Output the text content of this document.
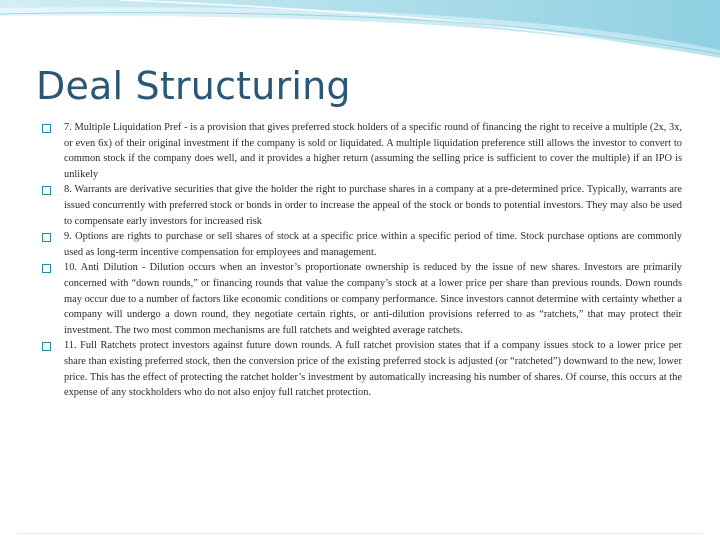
Deal Structuring
7. Multiple Liquidation Pref - is a provision that gives preferred stock holders of a specific round of financing the right to receive a multiple (2x, 3x, or even 6x) of their original investment if the company is sold or liquidated. A multiple liquidation preference still allows the investor to convert to common stock if the company does well, and it provides a higher return (assuming the selling price is sufficient to cover the multiple) if an IPO is unlikely
8. Warrants are derivative securities that give the holder the right to purchase shares in a company at a pre-determined price. Typically, warrants are issued concurrently with preferred stock or bonds in order to increase the appeal of the stock or bonds to potential investors. They may also be used to compensate early investors for increased risk
9. Options are rights to purchase or sell shares of stock at a specific price within a specific period of time. Stock purchase options are commonly used as long-term incentive compensation for employees and management.
10. Anti Dilution - Dilution occurs when an investor’s proportionate ownership is reduced by the issue of new shares. Investors are primarily concerned with “down rounds,” or financing rounds that value the company’s stock at a lower price per share than previous rounds. Down rounds may occur due to a number of factors like economic conditions or company performance. Since investors cannot determine with certainty whether a company will undergo a down round, they negotiate certain rights, or anti-dilution provisions referred to as “ratchets,” that may protect their investment. The two most common mechanisms are full ratchets and weighted average ratchets.
11. Full Ratchets protect investors against future down rounds. A full ratchet provision states that if a company issues stock to a lower price per share than existing preferred stock, then the conversion price of the existing preferred stock is adjusted (or “ratcheted”) downward to the new, lower price. This has the effect of protecting the ratchet holder’s investment by automatically increasing his number of shares. Of course, this occurs at the expense of any stockholders who do not also enjoy full ratchet protection.
